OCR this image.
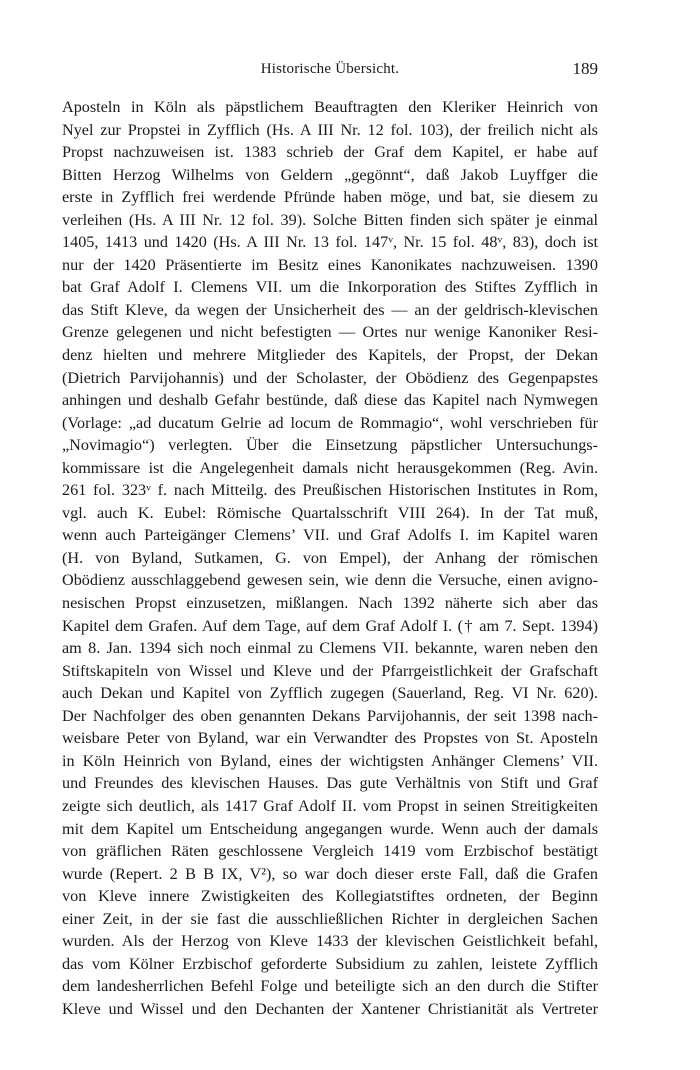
Historische Übersicht.	189
Aposteln in Köln als päpstlichem Beauftragten den Kleriker Heinrich von
Nyel zur Propstei in Zyfflich (Hs. A III Nr. 12 fol. 103), der freilich nicht als
Propst nachzuweisen ist. 1383 schrieb der Graf dem Kapitel, er habe auf
Bitten Herzog Wilhelms von Geldern „gegönnt“, daß Jakob Luyffger die
erste in Zyfflich frei werdende Pfründe haben möge, und bat, sie diesem zu
verleihen (Hs. A III Nr. 12 fol. 39). Solche Bitten finden sich später je einmal
1405, 1413 und 1420 (Hs. A III Nr. 13 fol. 147ᵛ, Nr. 15 fol. 48ᵛ, 83), doch ist
nur der 1420 Präsentierte im Besitz eines Kanonikates nachzuweisen. 1390
bat Graf Adolf I. Clemens VII. um die Inkorporation des Stiftes Zyfflich in
das Stift Kleve, da wegen der Unsicherheit des — an der geldrisch-klevischen
Grenze gelegenen und nicht befestigten — Ortes nur wenige Kanoniker Resi-
denz hielten und mehrere Mitglieder des Kapitels, der Propst, der Dekan
(Dietrich Parvijohannis) und der Scholaster, der Obödienz des Gegenpapstes
anhingen und deshalb Gefahr bestünde, daß diese das Kapitel nach Nymwegen
(Vorlage: „ad ducatum Gelrie ad locum de Rommagio“, wohl verschrieben für
„Novimagio“) verlegten. Über die Einsetzung päpstlicher Untersuchungs-
kommissare ist die Angelegenheit damals nicht herausgekommen (Reg. Avin.
261 fol. 323ᵛ f. nach Mitteilg. des Preußischen Historischen Institutes in Rom,
vgl. auch K. Eubel: Römische Quartalsschrift VIII 264). In der Tat muß,
wenn auch Parteigänger Clemens’ VII. und Graf Adolfs I. im Kapitel waren
(H. von Byland, Sutkamen, G. von Empel), der Anhang der römischen
Obödienz ausschlaggebend gewesen sein, wie denn die Versuche, einen avigno-
nesischen Propst einzusetzen, mißlangen. Nach 1392 näherte sich aber das
Kapitel dem Grafen. Auf dem Tage, auf dem Graf Adolf I. († am 7. Sept. 1394)
am 8. Jan. 1394 sich noch einmal zu Clemens VII. bekannte, waren neben den
Stiftskapiteln von Wissel und Kleve und der Pfarrgeistlichkeit der Grafschaft
auch Dekan und Kapitel von Zyfflich zugegen (Sauerland, Reg. VI Nr. 620).
Der Nachfolger des oben genannten Dekans Parvijohannis, der seit 1398 nach-
weisbare Peter von Byland, war ein Verwandter des Propstes von St. Aposteln
in Köln Heinrich von Byland, eines der wichtigsten Anhänger Clemens’ VII.
und Freundes des klevischen Hauses. Das gute Verhältnis von Stift und Graf
zeigte sich deutlich, als 1417 Graf Adolf II. vom Propst in seinen Streitigkeiten
mit dem Kapitel um Entscheidung angegangen wurde. Wenn auch der damals
von gräflichen Räten geschlossene Vergleich 1419 vom Erzbischof bestätigt
wurde (Repert. 2 B B IX, V²), so war doch dieser erste Fall, daß die Grafen
von Kleve innere Zwistigkeiten des Kollegiatstiftes ordneten, der Beginn
einer Zeit, in der sie fast die ausschließlichen Richter in dergleichen Sachen
wurden. Als der Herzog von Kleve 1433 der klevischen Geistlichkeit befahl,
das vom Kölner Erzbischof geforderte Subsidium zu zahlen, leistete Zyfflich
dem landesherrlichen Befehl Folge und beteiligte sich an den durch die Stifter
Kleve und Wissel und den Dechanten der Xantener Christianität als Vertreter
